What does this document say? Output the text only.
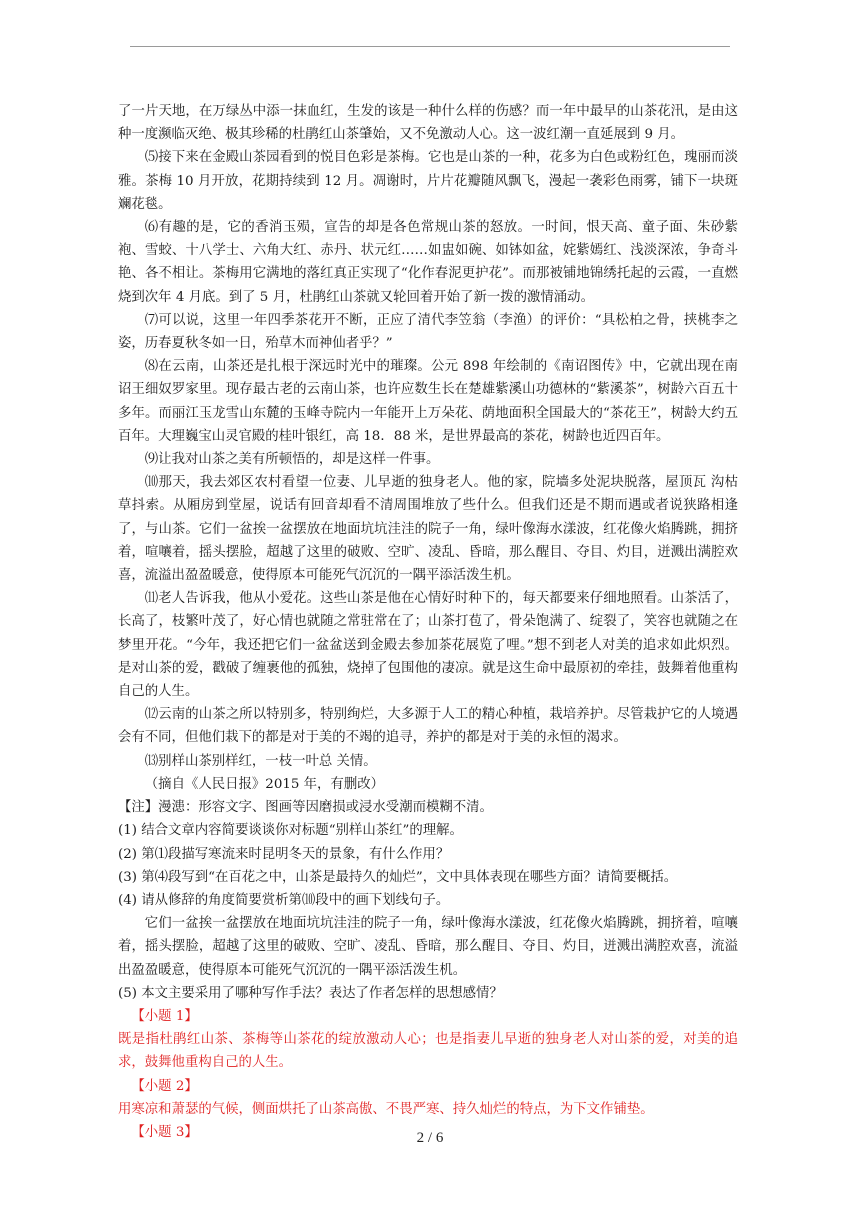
了一片天地，在万绿丛中添一抹血红，生发的该是一种什么样的伤感？而一年中最早的山茶花汛，是由这种一度濒临灭绝、极其珍稀的杜鹃红山茶肇始，又不免激动人心。这一波红潮一直延展到 9 月。

⑸接下来在金殿山茶园看到的悦目色彩是茶梅。它也是山茶的一种，花多为白色或粉红色，瑰丽而淡雅。茶梅 10 月开放，花期持续到 12 月。凋谢时，片片花瓣随风飘飞，漫起一袭彩色雨雾，铺下一块斑斓花毯。

⑹有趣的是，它的香消玉殒，宣告的却是各色常规山茶的怒放。一时间，恨天高、童子面、朱砂紫袍、雪蛟、十八学士、六角大红、赤丹、状元红……如盅如碗、如钵如盆，姹紫嫣红、浅淡深浓，争奇斗艳、各不相让。茶梅用它满地的落红真正实现了“化作春泥更护花”。而那被铺地锦绣托起的云霞，一直燃烧到次年 4 月底。到了 5 月，杜鹃红山茶就又轮回着开始了新一拨的激情涌动。

⑺可以说，这里一年四季茶花开不断，正应了清代李笠翁（李渔）的评价：“具松柏之骨，挟桃李之姿，历春夏秋冬如一日，殆草木而神仙者乎？”

⑻在云南，山茶还是扎根于深远时光中的璀璨。公元 898 年绘制的《南诏图传》中，它就出现在南诏王细奴罗家里。现存最古老的云南山茶，也许应数生长在楚雄紫溪山功德林的“紫溪茶”，树龄六百五十多年。而丽江玉龙雪山东麓的玉峰寺院内一年能开上万朵花、荫地面积全国最大的“茶花王”，树龄大约五百年。大理巍宝山灵官殿的桂叶银红，高 18．88 米，是世界最高的茶花，树龄也近四百年。

⑼让我对山茶之美有所顿悟的，却是这样一件事。

⑽那天，我去郊区农村看望一位妻、儿早逝的独身老人。他的家，院墙多处泥块脱落，屋顶瓦 沟枯草抖索。从厢房到堂屋，说话有回音却看不清周围堆放了些什么。但我们还是不期而遇或者说狭路相逢了，与山茶。它们一盆挨一盆摆放在地面坑坑洼洼的院子一角，绿叶像海水漾波，红花像火焰腾跳，拥挤着，喧嚷着，摇头摆脸，超越了这里的破败、空旷、凌乱、昏暗，那么醒目、夺目、灼目，迸溅出满腔欢喜，流溢出盈盈暖意，使得原本可能死气沉沉的一隅平添活泼生机。

⑾老人告诉我，他从小爱花。这些山茶是他在心情好时种下的，每天都要来仔细地照看。山茶活了， 长高了，枝繁叶茂了，好心情也就随之常驻常在了；山茶打苞了，骨朵饱满了、绽裂了，笑容也就随之在梦里开花。“今年，我还把它们一盆盆送到金殿去参加茶花展览了哩。”想不到老人对美的追求如此炽烈。是对山茶的爱，戳破了缠裹他的孤独，烧掉了包围他的凄凉。就是这生命中最原初的牵挂，鼓舞着他重构自己的人生。

⑿云南的山茶之所以特别多，特别绚烂，大多源于人工的精心种植，栽培养护。尽管栽护它的人境遇会有不同，但他们栽下的都是对于美的不竭的追寻，养护的都是对于美的永恒的渴求。

⒀别样山茶别样红，一枝一叶总 关情。

（摘自《人民日报》2015 年，有删改）

【注】漫漶：形容文字、图画等因磨损或浸水受潮而模糊不清。

(1) 结合文章内容简要谈谈你对标题“别样山茶红”的理解。

(2) 第⑴段描写寒流来时昆明冬天的景象，有什么作用？

(3) 第⑷段写到“在百花之中，山茶是最持久的灿烂”，文中具体表现在哪些方面？请简要概括。

(4) 请从修辞的角度简要赏析第⑽段中的画下划线句子。

它们一盆挨一盆摆放在地面坑坑洼洼的院子一角，绿叶像海水漾波，红花像火焰腾跳，拥挤着，喧嚷着，摇头摆脸，超越了这里的破败、空旷、凌乱、昏暗，那么醒目、夺目、灼目，迸溅出满腔欢喜，流溢出盈盈暖意，使得原本可能死气沉沉的一隅平添活泼生机。

(5) 本文主要采用了哪种写作手法？表达了作者怎样的思想感情？

【小题 1】

既是指杜鹃红山茶、茶梅等山茶花的绽放激动人心；也是指妻儿早逝的独身老人对山茶的爱，对美的追求，鼓舞他重构自己的人生。

【小题 2】

用寒凉和萧瑟的气候，侧面烘托了山茶高傲、不畏严寒、持久灿烂的特点，为下文作铺垫。

【小题 3】	2 / 6
